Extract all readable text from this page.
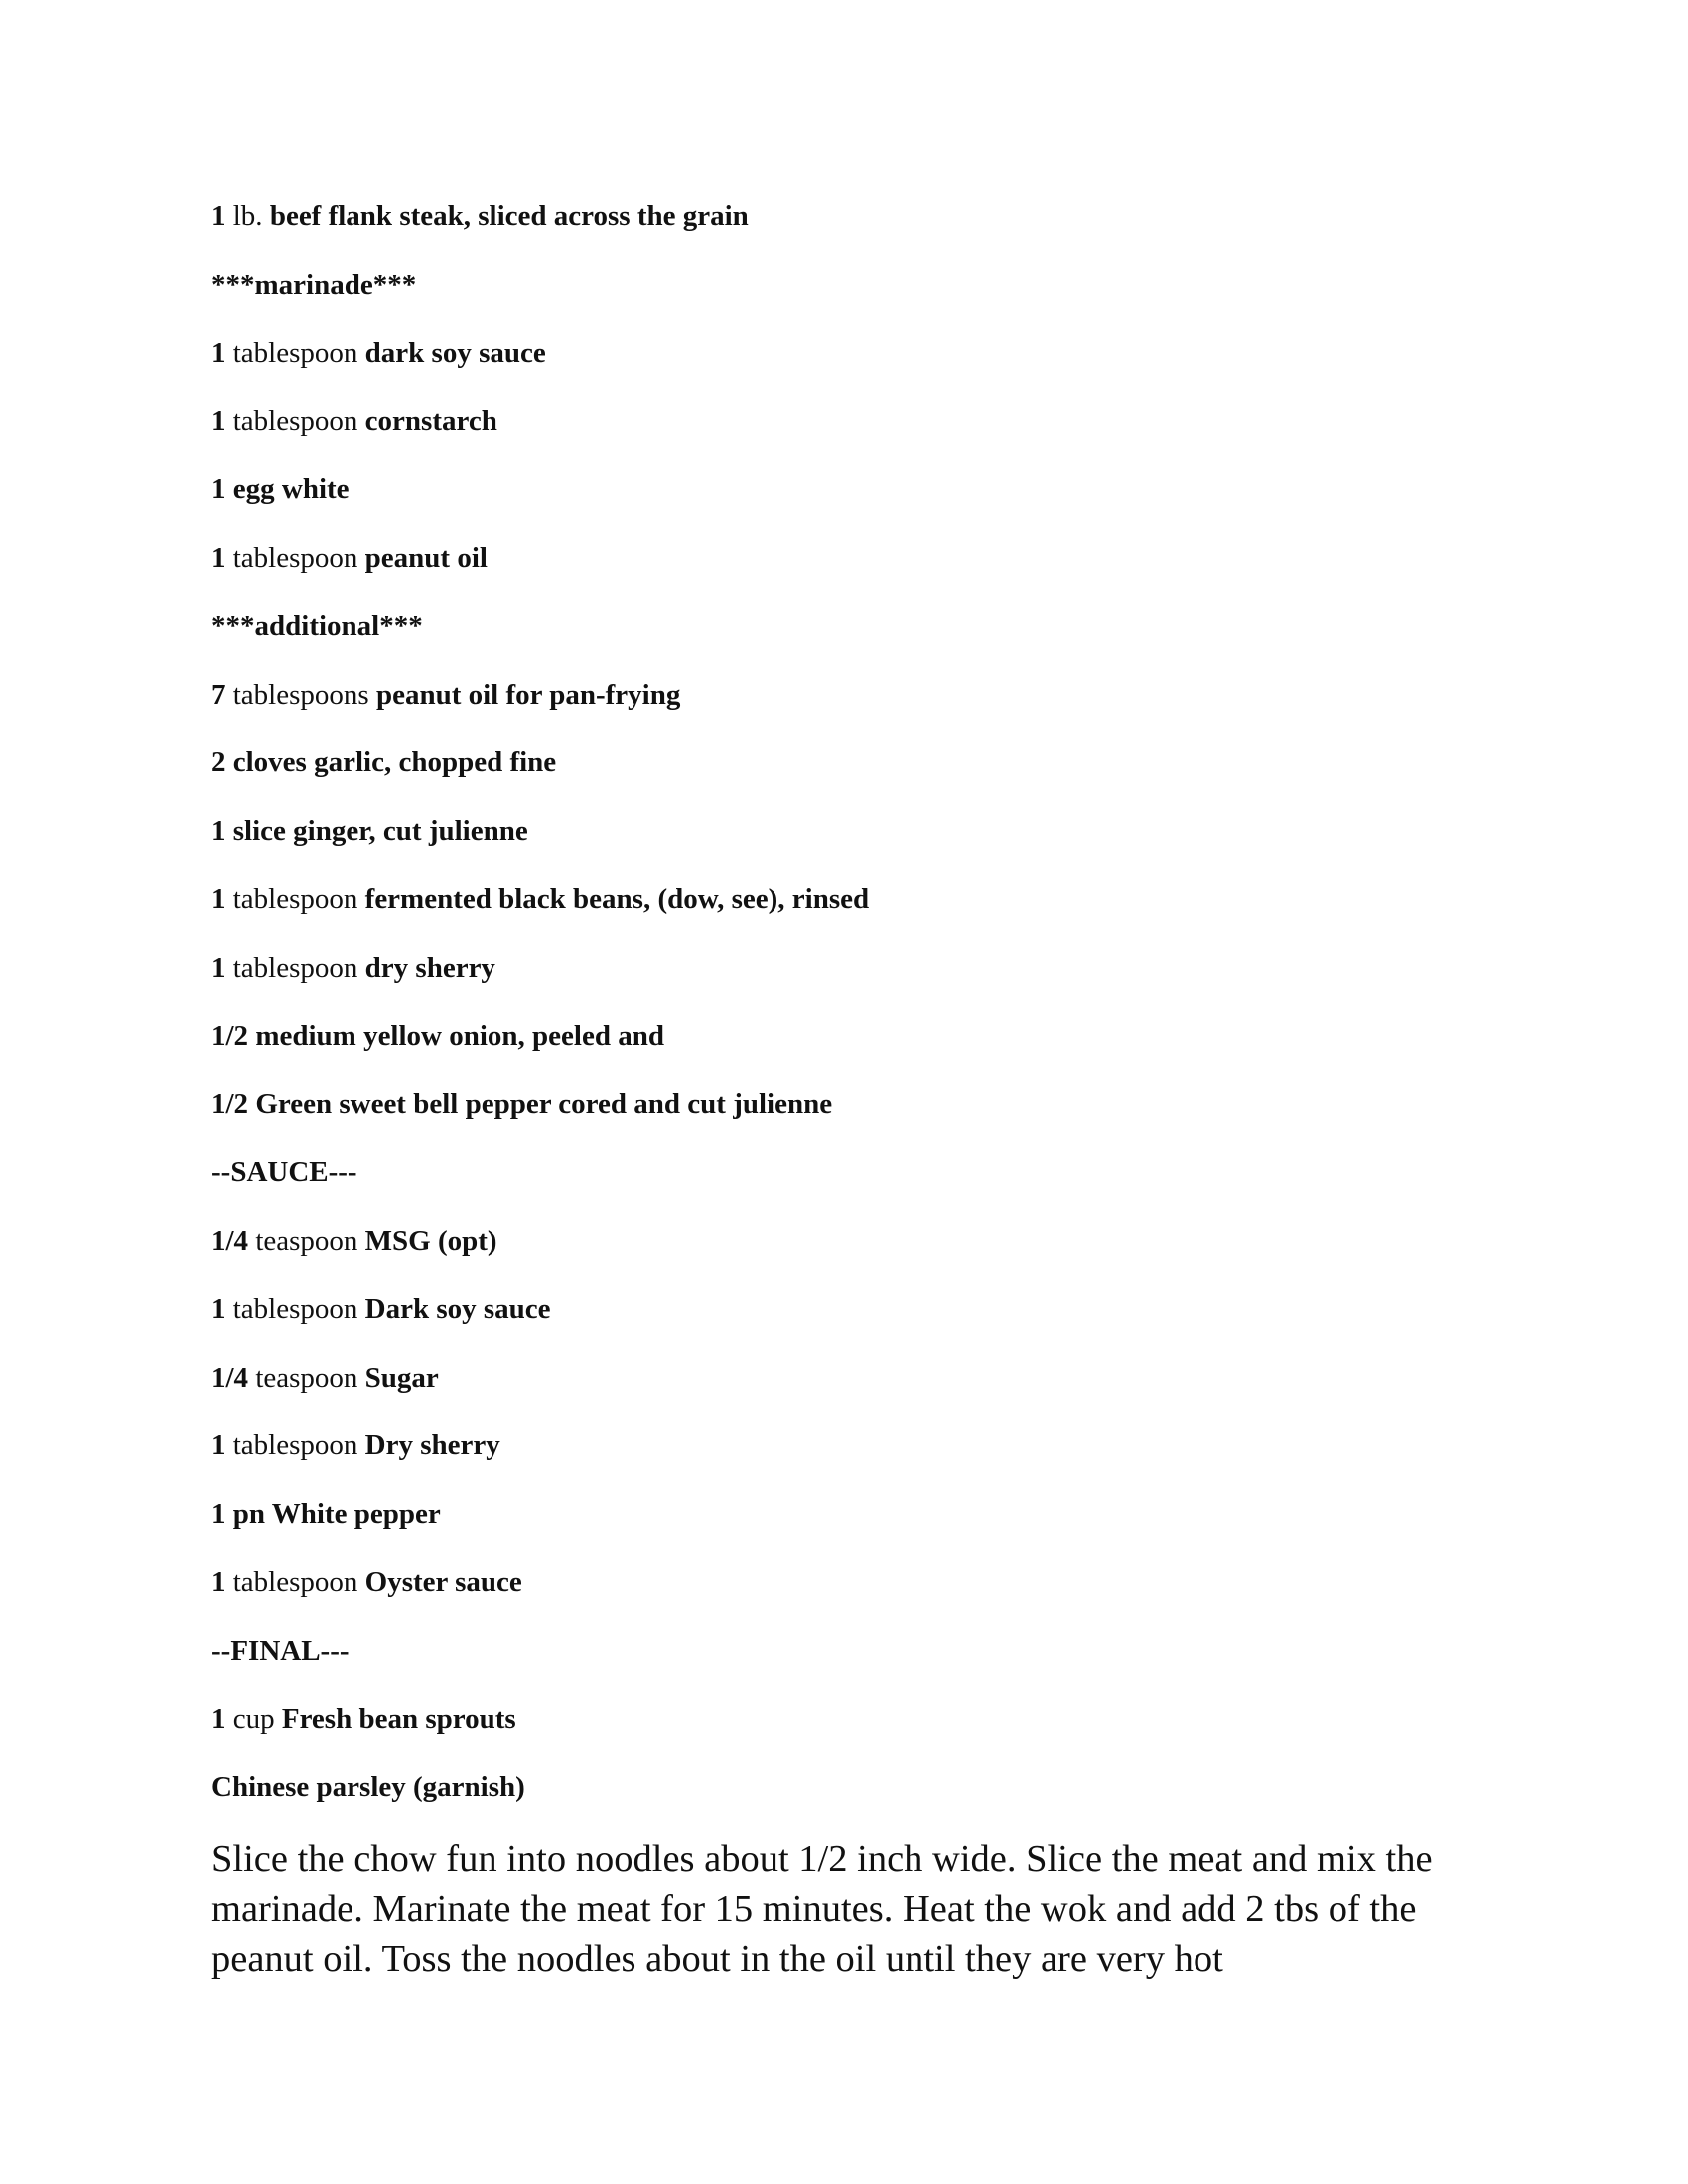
1 lb. beef flank steak, sliced across the grain
***marinade***
1 tablespoon dark soy sauce
1 tablespoon cornstarch
1 egg white
1 tablespoon peanut oil
***additional***
7 tablespoons peanut oil for pan-frying
2 cloves garlic, chopped fine
1 slice ginger, cut julienne
1 tablespoon fermented black beans, (dow, see), rinsed
1 tablespoon dry sherry
1/2 medium yellow onion, peeled and
1/2 Green sweet bell pepper cored and cut julienne
--SAUCE---
1/4 teaspoon MSG (opt)
1 tablespoon Dark soy sauce
1/4 teaspoon Sugar
1 tablespoon Dry sherry
1 pn White pepper
1 tablespoon Oyster sauce
--FINAL---
1 cup Fresh bean sprouts
Chinese parsley (garnish)

Slice the chow fun into noodles about 1/2 inch wide. Slice the meat and mix the marinade. Marinate the meat for 15 minutes. Heat the wok and add 2 tbs of the peanut oil. Toss the noodles about in the oil until they are very hot
